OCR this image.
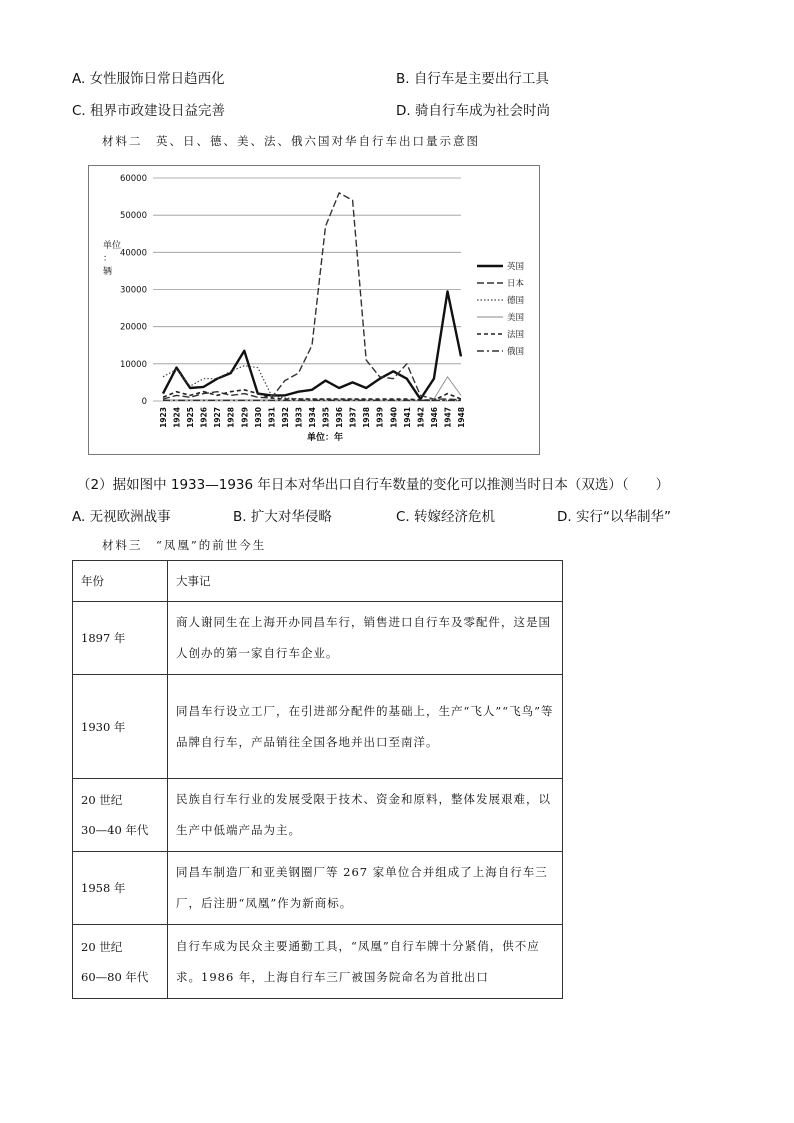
A. 女性服饰日常日趋西化	B. 自行车是主要出行工具
C. 租界市政建设日益完善	D. 骑自行车成为社会时尚
材料二　英、日、德、美、法、俄六国对华自行车出口量示意图
0
10000
20000
30000
40000
50000
60000
1923 1924 1925 1926 1927 1928 1929 1930 1931 1932 1933 1934 1935 1936 1937 1938 1939 1940 1941 1942 1946 1947 1948
单位：辆
单位：年
英国
日本
德国
美国
法国
俄国
（2）据如图中 1933—1936 年日本对华出口自行车数量的变化可以推测当时日本（双选）（　　）
A. 无视欧洲战事	B. 扩大对华侵略	C. 转嫁经济危机	D. 实行“以华制华”
材料三　“凤凰”的前世今生
年份	大事记

1897 年	商人谢同生在上海开办同昌车行，销售进口自行车及零配件，这是国人创办的第一家自行车企业。

1930 年	同昌车行设立工厂，在引进部分配件的基础上，生产“飞人”“飞鸟”等品牌自行车，产品销往全国各地并出口至南洋。

20 世纪
30—40 年代	民族自行车行业的发展受限于技术、资金和原料，整体发展艰难，以生产中低端产品为主。

1958 年	同昌车制造厂和亚美钢圈厂等 267 家单位合并组成了上海自行车三厂，后注册“凤凰”作为新商标。

20 世纪
60—80 年代	自行车成为民众主要通勤工具，“凤凰”自行车牌十分紧俏，供不应求。1986 年，上海自行车三厂被国务院命名为首批出口
